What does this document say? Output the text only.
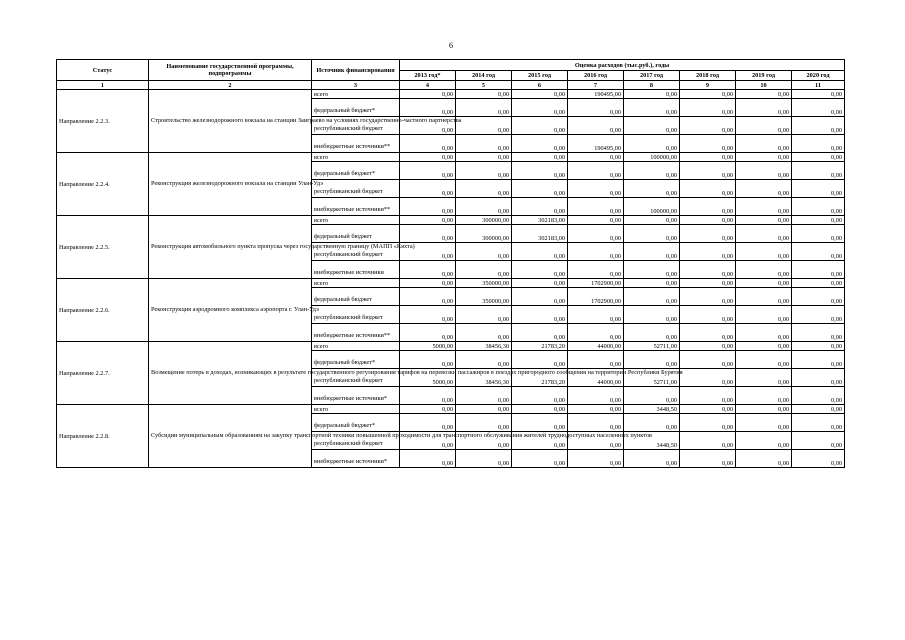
6
Статус	Наименование государственной программы, подпрограммы	Источник финансирования	Оценка расходов (тыс.руб.), годы							
			2013 год*	2014 год	2015 год	2016 год	2017 год	2018 год	2019 год	2020 год
1	2	3	4	5	6	7	8	9	10	11
Направление 2.2.3.	Строительство железнодорожного вокзала на станции Заиграево на условиях государственно-частного партнерства	всего	0,00	0,00	0,00	190495,00	0,00	0,00	0,00	0,00
		федеральный бюджет*	0,00	0,00	0,00	0,00	0,00	0,00	0,00	0,00
		республиканский бюджет	0,00	0,00	0,00	0,00	0,00	0,00	0,00	0,00
		внебюджетные источники**	0,00	0,00	0,00	190495,00	0,00	0,00	0,00	0,00
Направление 2.2.4.	Реконструкция железнодорожного вокзала на станции Улан-Удэ	всего	0,00	0,00	0,00	0,00	100000,00	0,00	0,00	0,00
		федеральный бюджет*	0,00	0,00	0,00	0,00	0,00	0,00	0,00	0,00
		республиканский бюджет	0,00	0,00	0,00	0,00	0,00	0,00	0,00	0,00
		внебюджетные источники**	0,00	0,00	0,00	0,00	100000,00	0,00	0,00	0,00
Направление 2.2.5.	Реконструкция автомобильного пункта пропуска через государственную границу (МАПП «Кяхта)	всего	0,00	300000,00	302183,00	0,00	0,00	0,00	0,00	0,00
		федеральный бюджет	0,00	300000,00	302183,00	0,00	0,00	0,00	0,00	0,00
		республиканский бюджет	0,00	0,00	0,00	0,00	0,00	0,00	0,00	0,00
		внебюджетные источники	0,00	0,00	0,00	0,00	0,00	0,00	0,00	0,00
Направление 2.2.6.	Реконструкция аэродромного комплекса аэропорта г. Улан-Удэ	всего	0,00	350000,00	0,00	1702900,00	0,00	0,00	0,00	0,00
		федеральный бюджет	0,00	350000,00	0,00	1702900,00	0,00	0,00	0,00	0,00
		республиканский бюджет	0,00	0,00	0,00	0,00	0,00	0,00	0,00	0,00
		внебюджетные источники**	0,00	0,00	0,00	0,00	0,00	0,00	0,00	0,00
Направление 2.2.7.	Возмещение потерь в доходах, возникающих в результате государственного регулирования тарифов на перевозки пассажиров в поездах пригородного сообщения на территории Республики Бурятия	всего	5000,00	38456,30	21783,20	44000,00	52711,00	0,00	0,00	0,00
		федеральный бюджет*	0,00	0,00	0,00	0,00	0,00	0,00	0,00	0,00
		республиканский бюджет	5000,00	38456,30	21783,20	44000,00	52711,00	0,00	0,00	0,00
		внебюджетные источники*	0,00	0,00	0,00	0,00	0,00	0,00	0,00	0,00
Направление 2.2.8.	Субсидии муниципальным образованиям на закупку транспортной техники повышенной проходимости для транспортного обслуживания жителей труднодоступных населенных пунктов	всего	0,00	0,00	0,00	0,00	3448,50	0,00	0,00	0,00
		федеральный бюджет*	0,00	0,00	0,00	0,00	0,00	0,00	0,00	0,00
		республиканский бюджет	0,00	0,00	0,00	0,00	3448,50	0,00	0,00	0,00
		внебюджетные источники*	0,00	0,00	0,00	0,00	0,00	0,00	0,00	0,00
